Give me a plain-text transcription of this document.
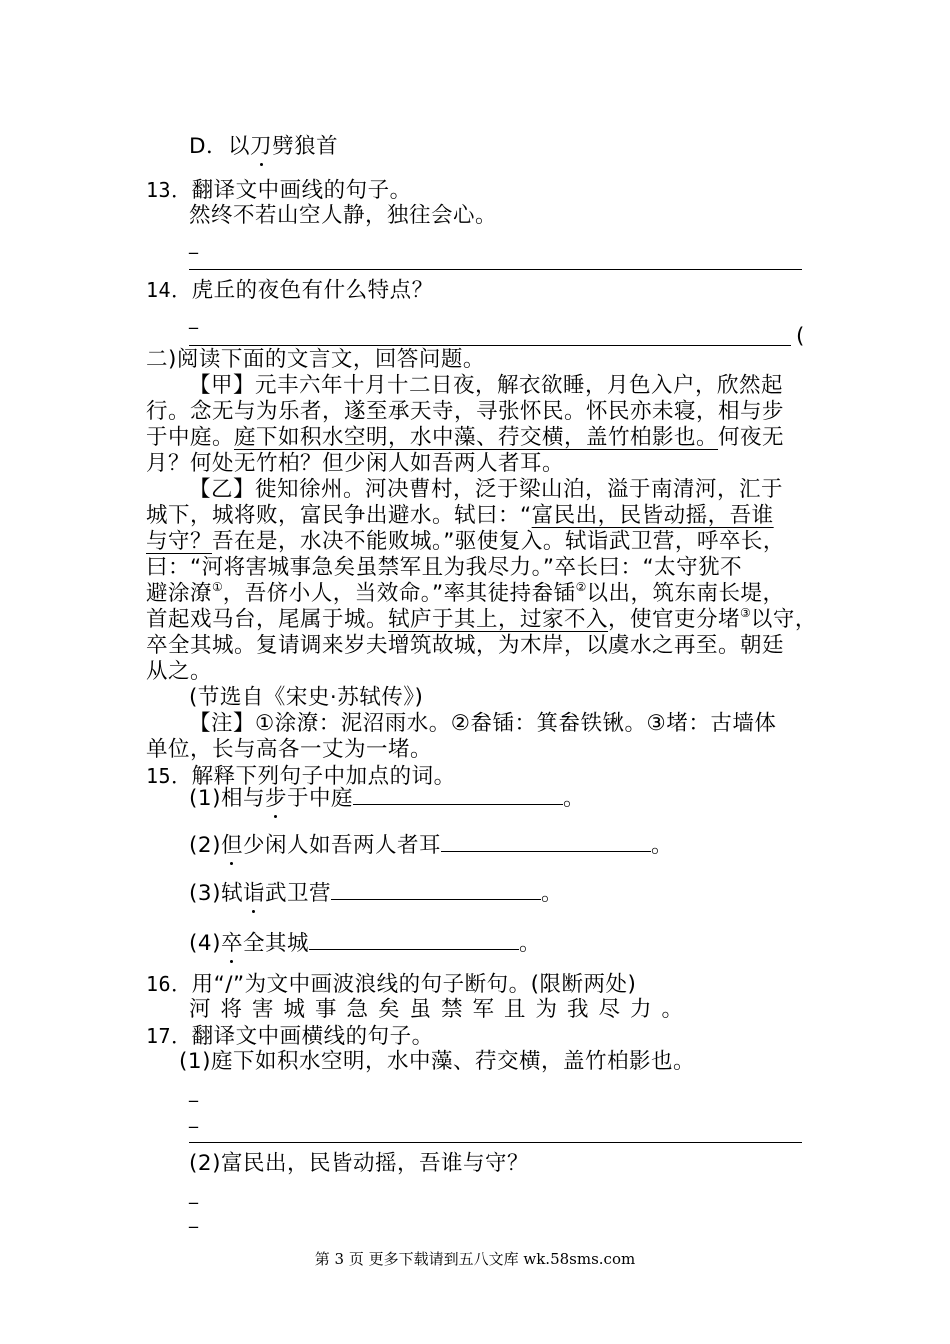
D．以刀劈狼首
13．翻译文中画线的句子。
然终不若山空人静，独往会心。
_
14．虎丘的夜色有什么特点？
_
(
二)阅读下面的文言文，回答问题。
【甲】元丰六年十月十二日夜，解衣欲睡，月色入户，欣然起
行。念无与为乐者，遂至承天寺，寻张怀民。怀民亦未寝，相与步
于中庭。庭下如积水空明，水中藻、荇交横，盖竹柏影也。何夜无
月？何处无竹柏？但少闲人如吾两人者耳。
【乙】徙知徐州。河决曹村，泛于梁山泊，溢于南清河，汇于
城下，城将败，富民争出避水。轼曰：“富民出，民皆动摇，吾谁
与守？吾在是，水决不能败城。”驱使复入。轼诣武卫营，呼卒长，
曰：“河将害城事急矣虽禁军且为我尽力。”卒长曰：“太守犹不
避涂潦①，吾侪小人，当效命。”率其徒持畚锸②以出，筑东南长堤，
首起戏马台，尾属于城。轼庐于其上，过家不入，使官吏分堵③以守，
卒全其城。复请调来岁夫增筑故城，为木岸，以虞水之再至。朝廷
从之。
(节选自《宋史·苏轼传》)
【注】①涂潦：泥沼雨水。②畚锸：箕畚铁锹。③堵：古墙体
单位，长与高各一丈为一堵。
15．解释下列句子中加点的词。
(1)相与步于中庭	。
(2)但少闲人如吾两人者耳	。
(3)轼诣武卫营	。
(4)卒全其城	。
16．用“/”为文中画波浪线的句子断句。(限断两处)
河将害城事急矣虽禁军且为我尽力。
17．翻译文中画横线的句子。
(1)庭下如积水空明，水中藻、荇交横，盖竹柏影也。
_
_
(2)富民出，民皆动摇，吾谁与守？
_
_
第 3 页 更多下载请到五八文库 wk.58sms.com
